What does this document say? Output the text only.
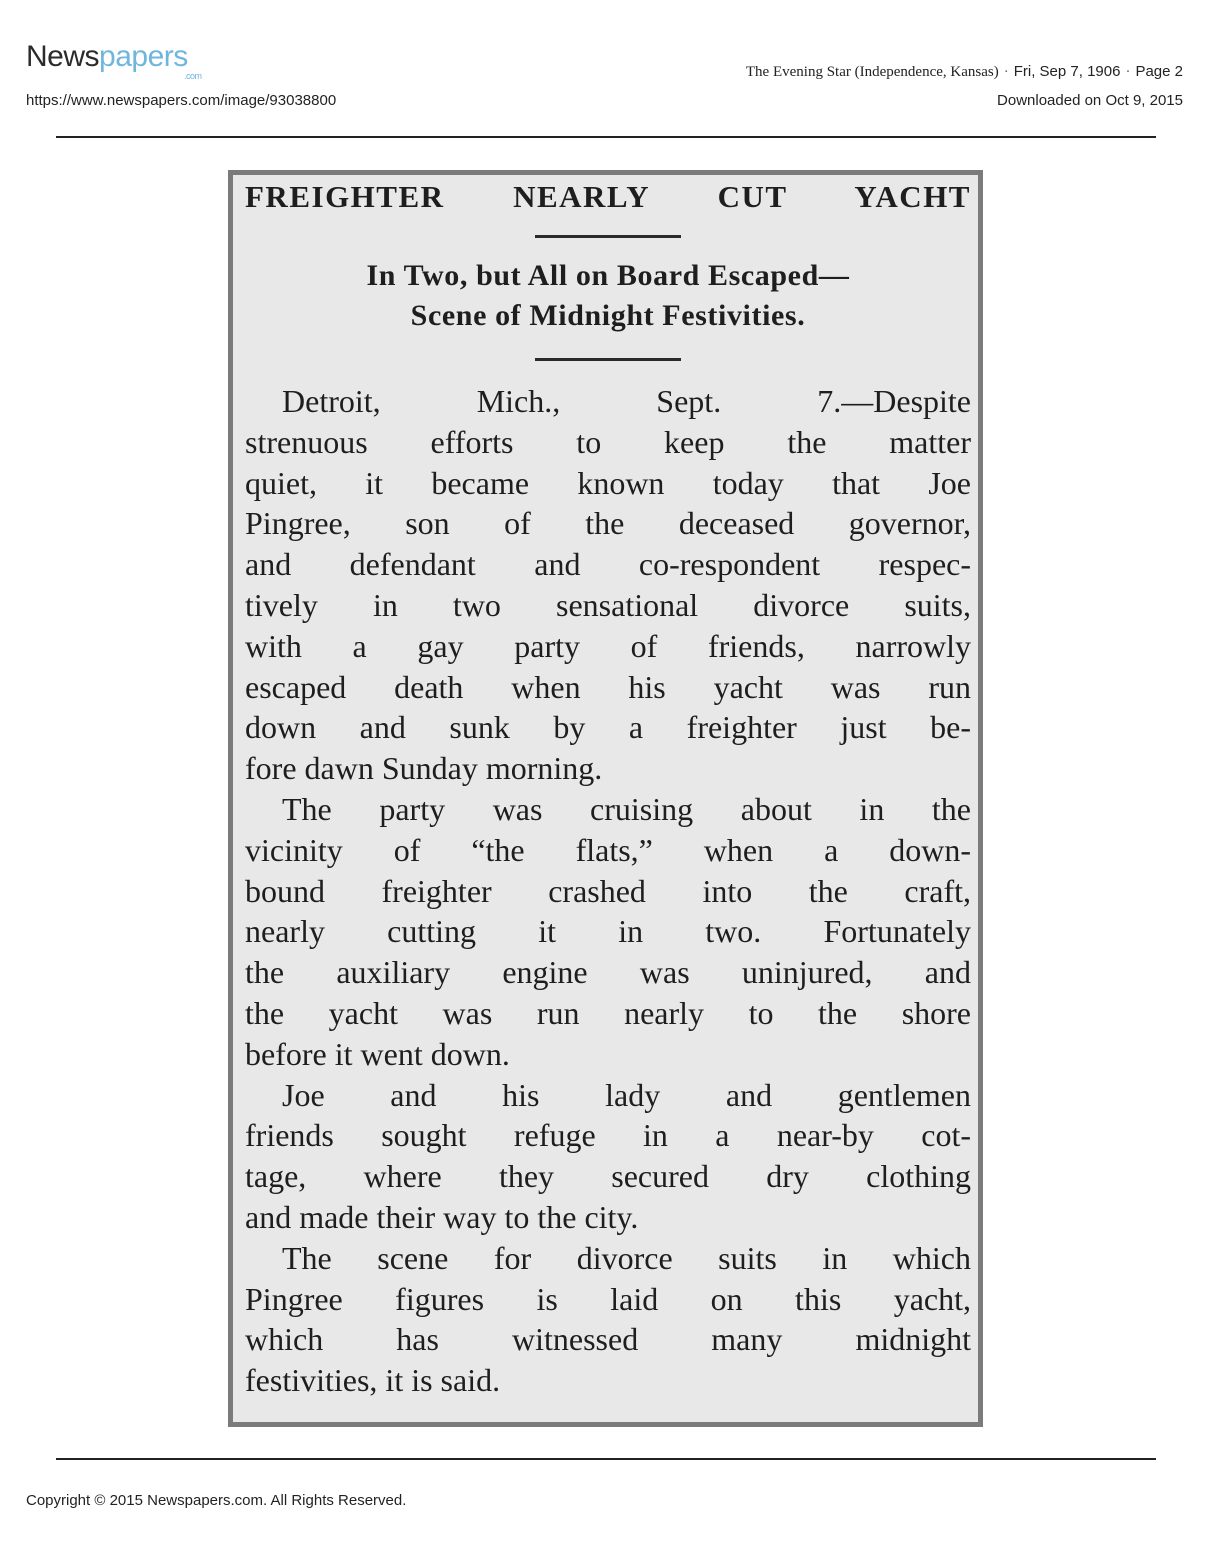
Newspapers
.com
https://www.newspapers.com/image/93038800
The Evening Star (Independence, Kansas) · Fri, Sep 7, 1906 · Page 2
Downloaded on Oct 9, 2015
FREIGHTER NEARLY CUT YACHT
In Two, but All on Board Escaped—
Scene of Midnight Festivities.
Detroit, Mich., Sept. 7.—Despite
strenuous efforts to keep the matter
quiet, it became known today that Joe
Pingree, son of the deceased governor,
and defendant and co-respondent respec-
tively in two sensational divorce suits,
with a gay party of friends, narrowly
escaped death when his yacht was run
down and sunk by a freighter just be-
fore dawn Sunday morning.
The party was cruising about in the
vicinity of “the flats,” when a down-
bound freighter crashed into the craft,
nearly cutting it in two. Fortunately
the auxiliary engine was uninjured, and
the yacht was run nearly to the shore
before it went down.
Joe and his lady and gentlemen
friends sought refuge in a near-by cot-
tage, where they secured dry clothing
and made their way to the city.
The scene for divorce suits in which
Pingree figures is laid on this yacht,
which has witnessed many midnight
festivities, it is said.
Copyright © 2015 Newspapers.com. All Rights Reserved.
